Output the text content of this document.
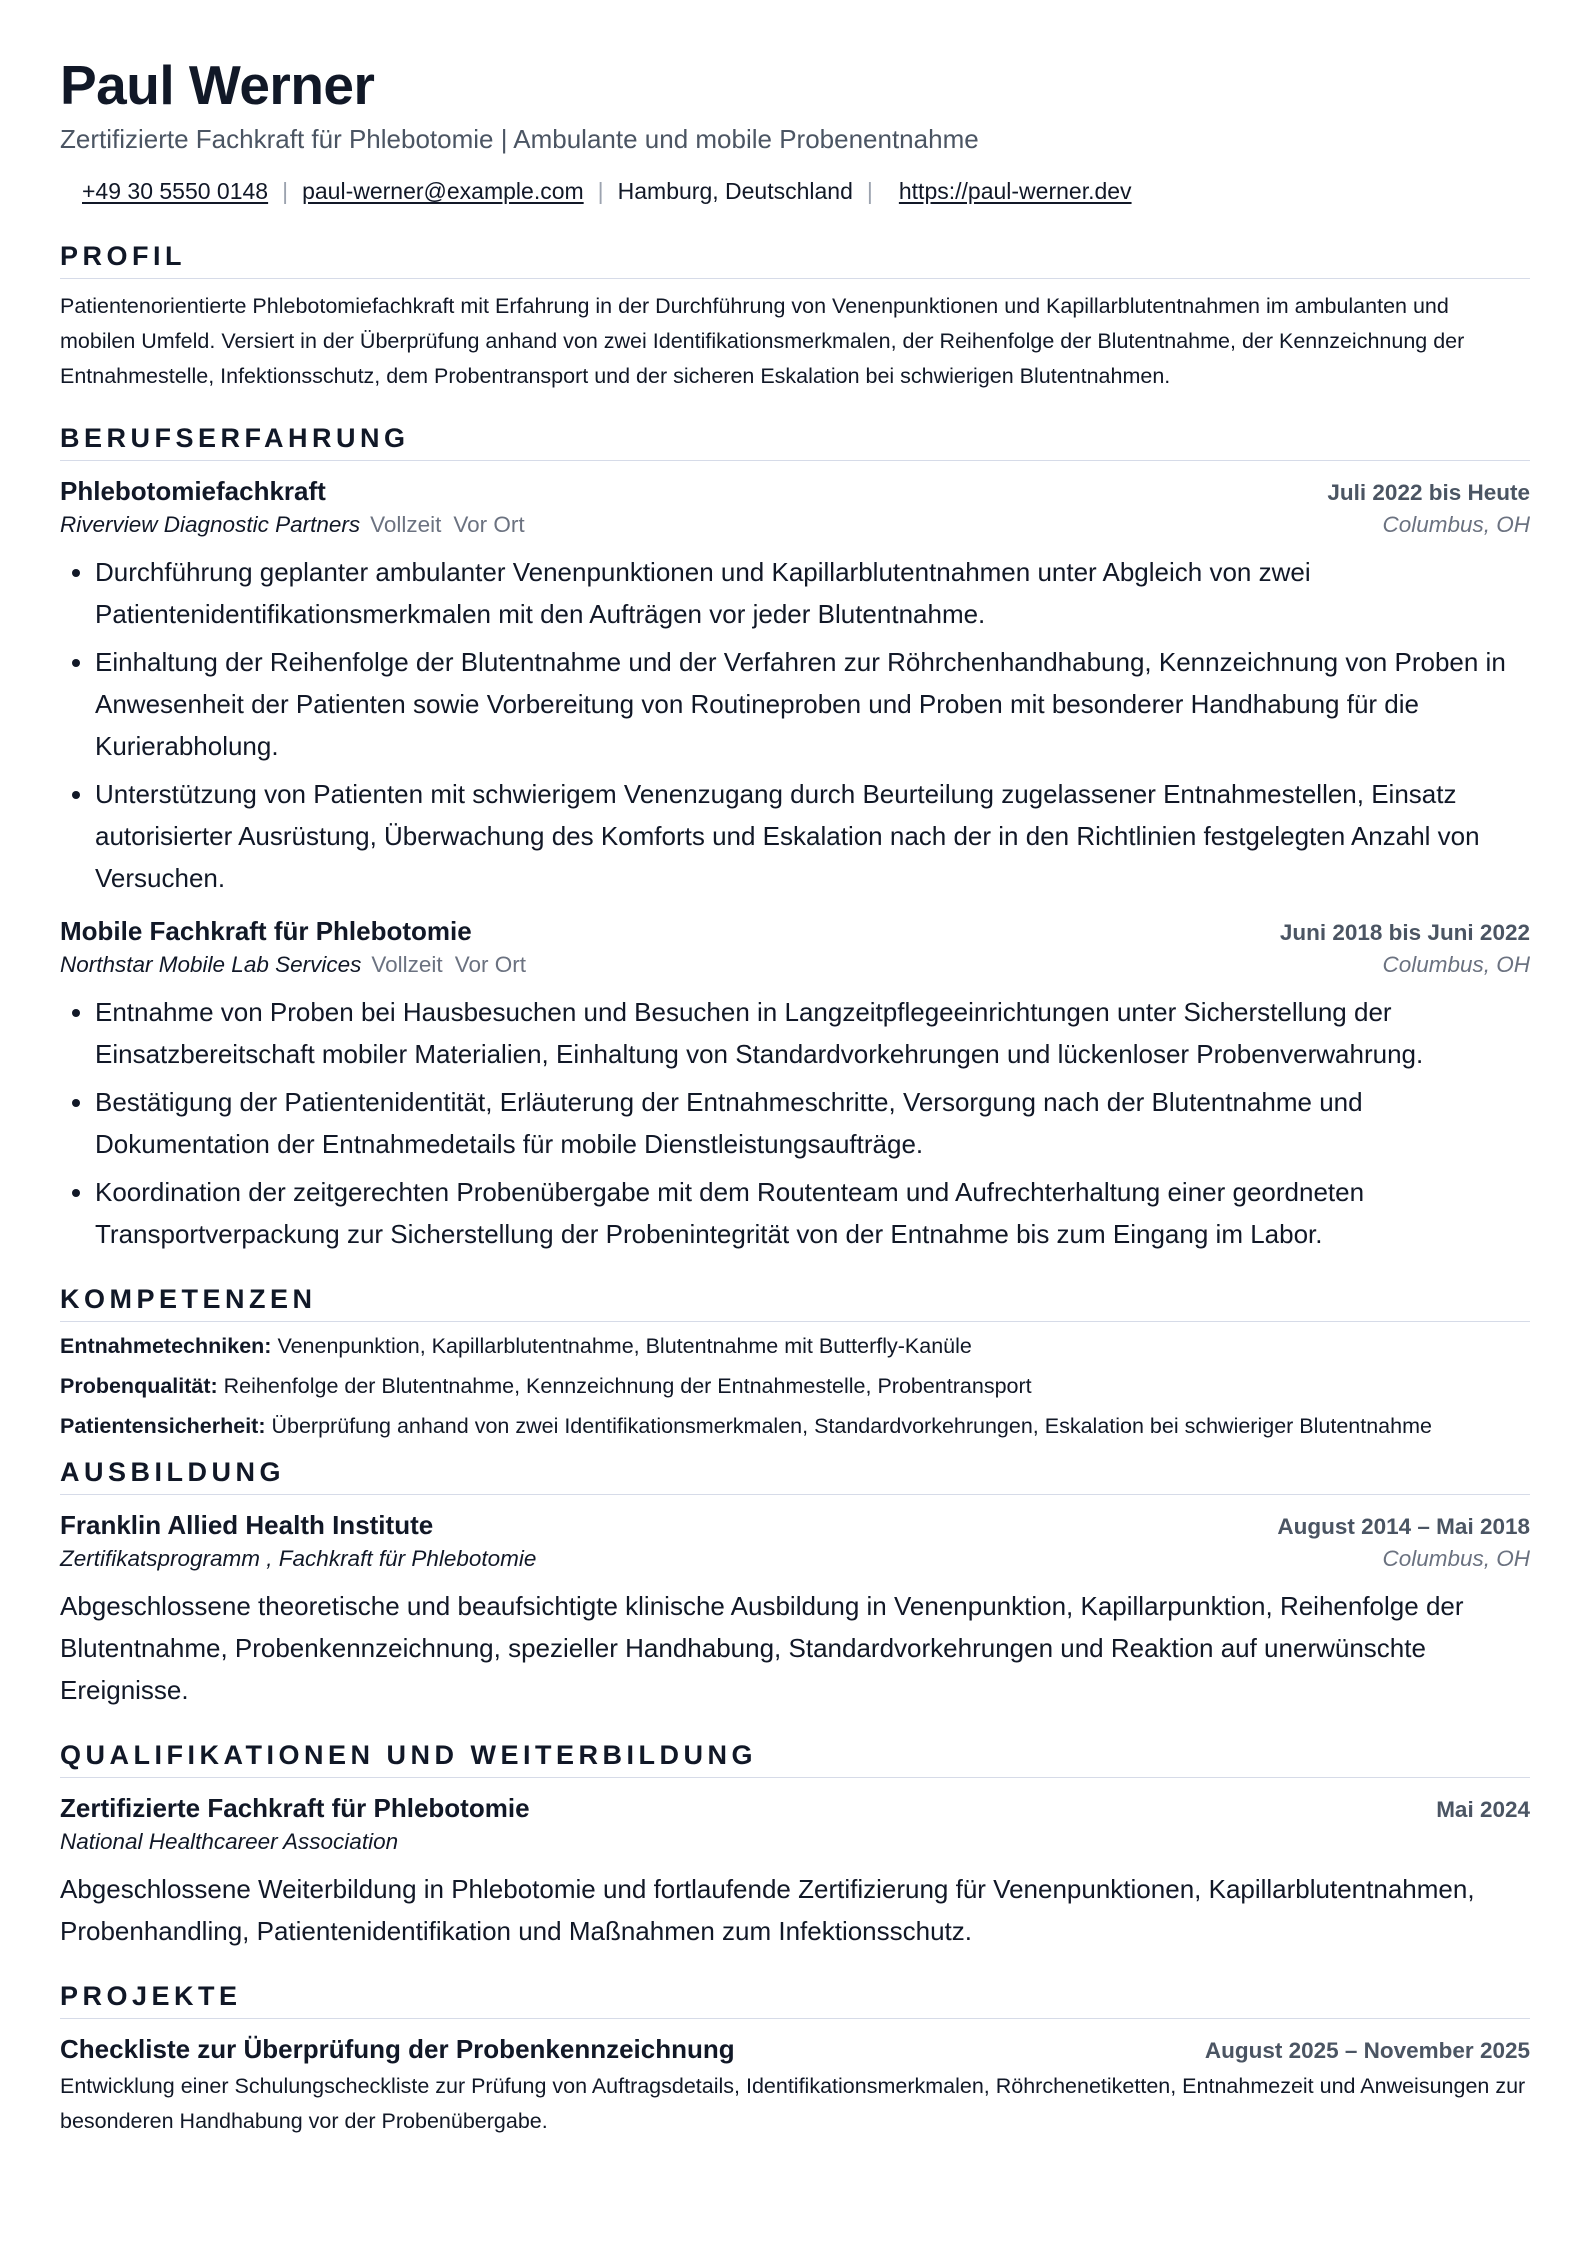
Paul Werner
Zertifizierte Fachkraft für Phlebotomie | Ambulante und mobile Probenentnahme
+49 30 5550 0148 | paul-werner@example.com | Hamburg, Deutschland | https://paul-werner.dev
PROFIL
Patientenorientierte Phlebotomiefachkraft mit Erfahrung in der Durchführung von Venenpunktionen und Kapillarblutentnahmen im ambulanten und mobilen Umfeld. Versiert in der Überprüfung anhand von zwei Identifikationsmerkmalen, der Reihenfolge der Blutentnahme, der Kennzeichnung der Entnahmestelle, Infektionsschutz, dem Probentransport und der sicheren Eskalation bei schwierigen Blutentnahmen.
BERUFSERFAHRUNG
Phlebotomiefachkraft	Juli 2022 bis Heute
Riverview Diagnostic Partners Vollzeit Vor Ort	Columbus, OH
• Durchführung geplanter ambulanter Venenpunktionen und Kapillarblutentnahmen unter Abgleich von zwei Patientenidentifikationsmerkmalen mit den Aufträgen vor jeder Blutentnahme.
• Einhaltung der Reihenfolge der Blutentnahme und der Verfahren zur Röhrchenhandhabung, Kennzeichnung von Proben in Anwesenheit der Patienten sowie Vorbereitung von Routineproben und Proben mit besonderer Handhabung für die Kurierabholung.
• Unterstützung von Patienten mit schwierigem Venenzugang durch Beurteilung zugelassener Entnahmestellen, Einsatz autorisierter Ausrüstung, Überwachung des Komforts und Eskalation nach der in den Richtlinien festgelegten Anzahl von Versuchen.
Mobile Fachkraft für Phlebotomie	Juni 2018 bis Juni 2022
Northstar Mobile Lab Services Vollzeit Vor Ort	Columbus, OH
• Entnahme von Proben bei Hausbesuchen und Besuchen in Langzeitpflegeeinrichtungen unter Sicherstellung der Einsatzbereitschaft mobiler Materialien, Einhaltung von Standardvorkehrungen und lückenloser Probenverwahrung.
• Bestätigung der Patientenidentität, Erläuterung der Entnahmeschritte, Versorgung nach der Blutentnahme und Dokumentation der Entnahmedetails für mobile Dienstleistungsaufträge.
• Koordination der zeitgerechten Probenübergabe mit dem Routenteam und Aufrechterhaltung einer geordneten Transportverpackung zur Sicherstellung der Probenintegrität von der Entnahme bis zum Eingang im Labor.
KOMPETENZEN
Entnahmetechniken: Venenpunktion, Kapillarblutentnahme, Blutentnahme mit Butterfly-Kanüle
Probenqualität: Reihenfolge der Blutentnahme, Kennzeichnung der Entnahmestelle, Probentransport
Patientensicherheit: Überprüfung anhand von zwei Identifikationsmerkmalen, Standardvorkehrungen, Eskalation bei schwieriger Blutentnahme
AUSBILDUNG
Franklin Allied Health Institute	August 2014 – Mai 2018
Zertifikatsprogramm , Fachkraft für Phlebotomie	Columbus, OH
Abgeschlossene theoretische und beaufsichtigte klinische Ausbildung in Venenpunktion, Kapillarpunktion, Reihenfolge der Blutentnahme, Probenkennzeichnung, spezieller Handhabung, Standardvorkehrungen und Reaktion auf unerwünschte Ereignisse.
QUALIFIKATIONEN UND WEITERBILDUNG
Zertifizierte Fachkraft für Phlebotomie	Mai 2024
National Healthcareer Association
Abgeschlossene Weiterbildung in Phlebotomie und fortlaufende Zertifizierung für Venenpunktionen, Kapillarblutentnahmen, Probenhandling, Patientenidentifikation und Maßnahmen zum Infektionsschutz.
PROJEKTE
Checkliste zur Überprüfung der Probenkennzeichnung	August 2025 – November 2025
Entwicklung einer Schulungscheckliste zur Prüfung von Auftragsdetails, Identifikationsmerkmalen, Röhrchenetiketten, Entnahmezeit und Anweisungen zur besonderen Handhabung vor der Probenübergabe.
